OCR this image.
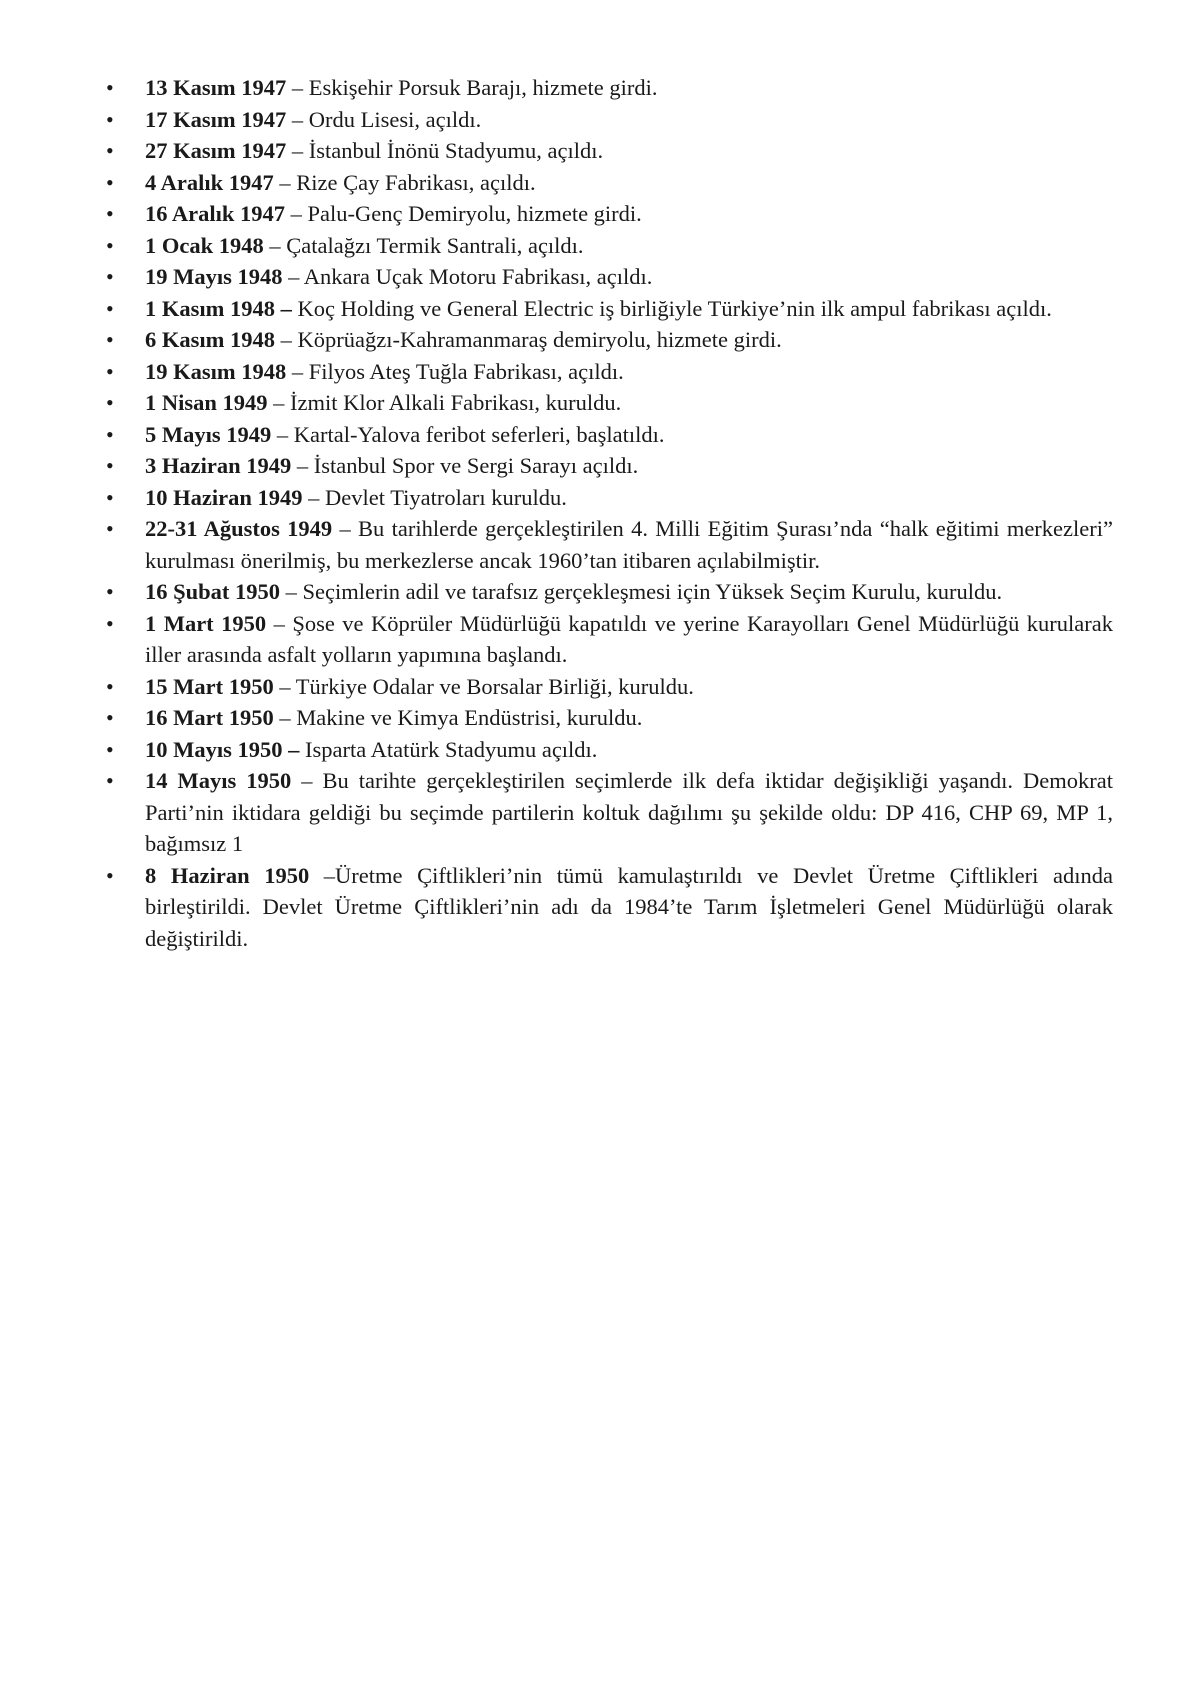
• 13 Kasım 1947 – Eskişehir Porsuk Barajı, hizmete girdi.
• 17 Kasım 1947 – Ordu Lisesi, açıldı.
• 27 Kasım 1947 – İstanbul İnönü Stadyumu, açıldı.
• 4 Aralık 1947 – Rize Çay Fabrikası, açıldı.
• 16 Aralık 1947 – Palu-Genç Demiryolu, hizmete girdi.
• 1 Ocak 1948 – Çatalağzı Termik Santrali, açıldı.
• 19 Mayıs 1948 – Ankara Uçak Motoru Fabrikası, açıldı.
• 1 Kasım 1948 – Koç Holding ve General Electric iş birliğiyle Türkiye’nin ilk ampul fabrikası açıldı.
• 6 Kasım 1948 – Köprüağzı-Kahramanmaraş demiryolu, hizmete girdi.
• 19 Kasım 1948 – Filyos Ateş Tuğla Fabrikası, açıldı.
• 1 Nisan 1949 – İzmit Klor Alkali Fabrikası, kuruldu.
• 5 Mayıs 1949 – Kartal-Yalova feribot seferleri, başlatıldı.
• 3 Haziran 1949 – İstanbul Spor ve Sergi Sarayı açıldı.
• 10 Haziran 1949 – Devlet Tiyatroları kuruldu.
• 22-31 Ağustos 1949 – Bu tarihlerde gerçekleştirilen 4. Milli Eğitim Şurası’nda “halk eğitimi merkezleri” kurulması önerilmiş, bu merkezlerse ancak 1960’tan itibaren açılabilmiştir.
• 16 Şubat 1950 – Seçimlerin adil ve tarafsız gerçekleşmesi için Yüksek Seçim Kurulu, kuruldu.
• 1 Mart 1950 – Şose ve Köprüler Müdürlüğü kapatıldı ve yerine Karayolları Genel Müdürlüğü kurularak iller arasında asfalt yolların yapımına başlandı.
• 15 Mart 1950 – Türkiye Odalar ve Borsalar Birliği, kuruldu.
• 16 Mart 1950 – Makine ve Kimya Endüstrisi, kuruldu.
• 10 Mayıs 1950 – Isparta Atatürk Stadyumu açıldı.
• 14 Mayıs 1950 – Bu tarihte gerçekleştirilen seçimlerde ilk defa iktidar değişikliği yaşandı. Demokrat Parti’nin iktidara geldiği bu seçimde partilerin koltuk dağılımı şu şekilde oldu: DP 416, CHP 69, MP 1, bağımsız 1
• 8 Haziran 1950 –Üretme Çiftlikleri’nin tümü kamulaştırıldı ve Devlet Üretme Çiftlikleri adında birleştirildi. Devlet Üretme Çiftlikleri’nin adı da 1984’te Tarım İşletmeleri Genel Müdürlüğü olarak değiştirildi.
